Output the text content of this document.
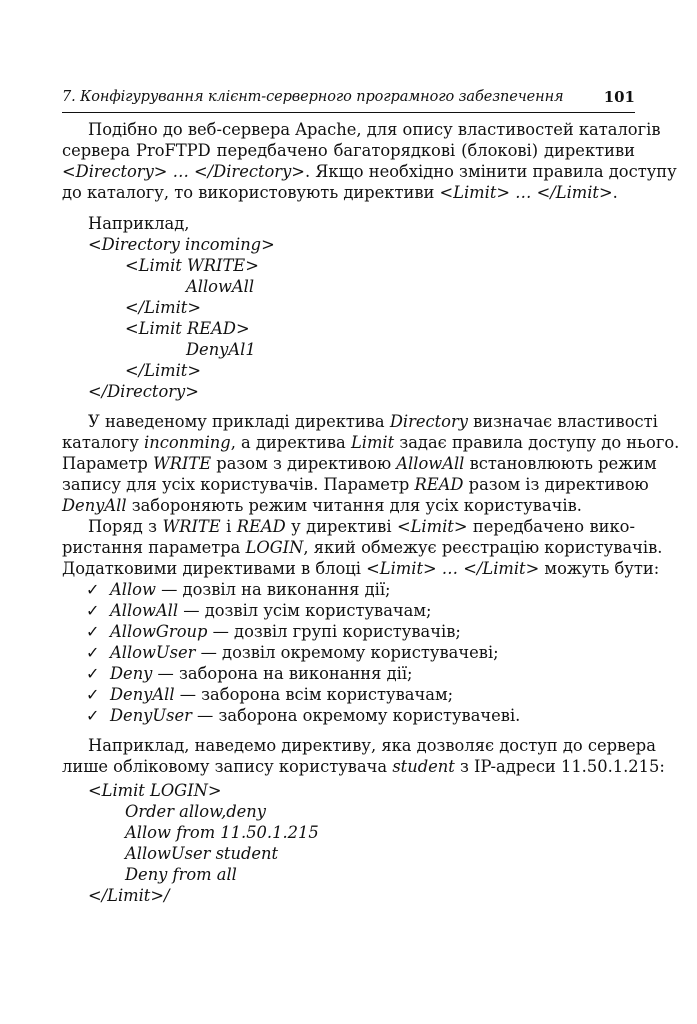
7. Конфігурування клієнт-серверного програмного забезпечення	101
Подібно до веб-сервера Apache, для опису властивостей каталогів
сервера ProFTPD передбачено багаторядкові (блокові) директиви
<Directory> … </Directory>. Якщо необхідно змінити правила доступу
до каталогу, то використовують директиви <Limit> … </Limit>.
Наприклад,
<Directory incoming>
<Limit WRITE>
AllowAll
</Limit>
<Limit READ>
DenyAl1
</Limit>
</Directory>
У наведеному прикладі директива Directory визначає властивості
каталогу inconming, а директива Limit задає правила доступу до нього.
Параметр WRITE разом з директивою AllowAll встановлюють режим
запису для усіх користувачів. Параметр READ разом із директивою
DenyAll забороняють режим читання для усіх користувачів.
Поряд з WRITE і READ у директиві <Limit> передбачено вико-
ристання параметра LOGIN, який обмежує реєстрацію користувачів.
Додатковими директивами в блоці <Limit> … </Limit> можуть бути:
✓ Allow — дозвіл на виконання дії;
✓ AllowAll — дозвіл усім користувачам;
✓ AllowGroup — дозвіл групі користувачів;
✓ AllowUser — дозвіл окремому користувачеві;
✓ Deny — заборона на виконання дії;
✓ DenyAll — заборона всім користувачам;
✓ DenyUser — заборона окремому користувачеві.
Наприклад, наведемо директиву, яка дозволяє доступ до сервера
лише обліковому запису користувача student з IP-адреси 11.50.1.215:
<Limit LOGIN>
Order allow,deny
Allow from 11.50.1.215
AllowUser student
Deny from all
</Limit>/
